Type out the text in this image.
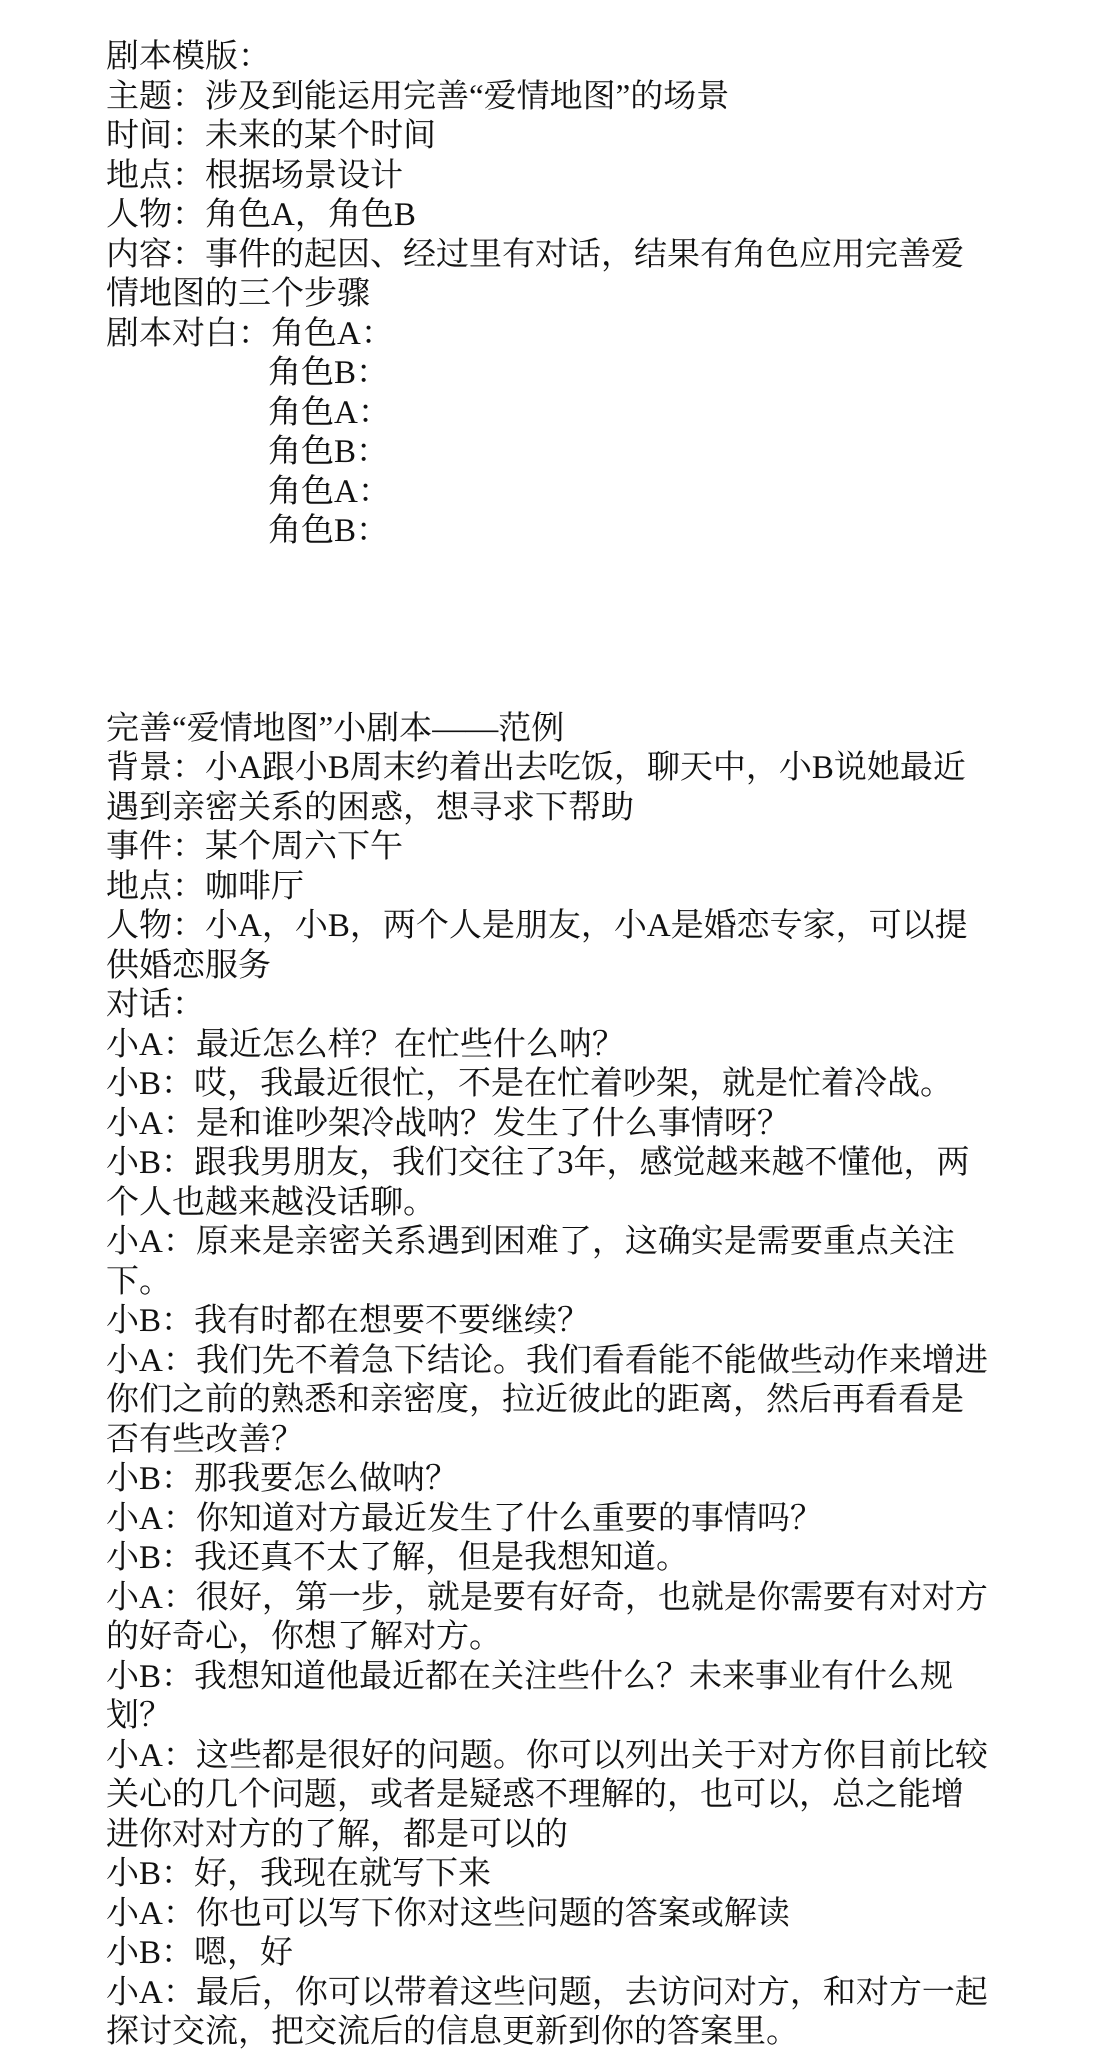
剧本模版：
主题：涉及到能运用完善“爱情地图”的场景
时间：未来的某个时间
地点：根据场景设计
人物：角色A，角色B
内容：事件的起因、经过里有对话，结果有角色应用完善爱
情地图的三个步骤
剧本对白：角色A：
角色B：
角色A：
角色B：
角色A：
角色B：
完善“爱情地图”小剧本——范例
背景：小A跟小B周末约着出去吃饭，聊天中，小B说她最近
遇到亲密关系的困惑，想寻求下帮助
事件：某个周六下午
地点：咖啡厅
人物：小A，小B，两个人是朋友，小A是婚恋专家，可以提
供婚恋服务
对话：
小A：最近怎么样？在忙些什么呐？
小B：哎，我最近很忙，不是在忙着吵架，就是忙着冷战。
小A：是和谁吵架冷战呐？发生了什么事情呀？
小B：跟我男朋友，我们交往了3年，感觉越来越不懂他，两
个人也越来越没话聊。
小A：原来是亲密关系遇到困难了，这确实是需要重点关注
下。
小B：我有时都在想要不要继续？
小A：我们先不着急下结论。我们看看能不能做些动作来增进
你们之前的熟悉和亲密度，拉近彼此的距离，然后再看看是
否有些改善？
小B：那我要怎么做呐？
小A：你知道对方最近发生了什么重要的事情吗？
小B：我还真不太了解，但是我想知道。
小A：很好，第一步，就是要有好奇，也就是你需要有对对方
的好奇心，你想了解对方。
小B：我想知道他最近都在关注些什么？未来事业有什么规
划？
小A：这些都是很好的问题。你可以列出关于对方你目前比较
关心的几个问题，或者是疑惑不理解的，也可以，总之能增
进你对对方的了解，都是可以的
小B：好，我现在就写下来
小A：你也可以写下你对这些问题的答案或解读
小B：嗯，好
小A：最后，你可以带着这些问题，去访问对方，和对方一起
探讨交流，把交流后的信息更新到你的答案里。
